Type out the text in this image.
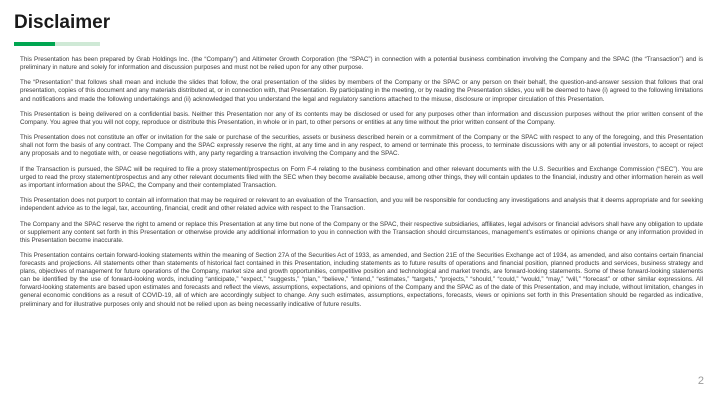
Disclaimer

This Presentation has been prepared by Grab Holdings Inc. (the “Company”) and Altimeter Growth Corporation (the “SPAC”) in connection with a potential business combination involving the Company and the SPAC (the “Transaction”) and is preliminary in nature and solely for information and discussion purposes and must not be relied upon for any other purpose.

The “Presentation” that follows shall mean and include the slides that follow, the oral presentation of the slides by members of the Company or the SPAC or any person on their behalf, the question-and-answer session that follows that oral presentation, copies of this document and any materials distributed at, or in connection with, that Presentation. By participating in the meeting, or by reading the Presentation slides, you will be deemed to have (i) agreed to the following limitations and notifications and made the following undertakings and (ii) acknowledged that you understand the legal and regulatory sanctions attached to the misuse, disclosure or improper circulation of this Presentation.

This Presentation is being delivered on a confidential basis. Neither this Presentation nor any of its contents may be disclosed or used for any purposes other than information and discussion purposes without the prior written consent of the Company. You agree that you will not copy, reproduce or distribute this Presentation, in whole or in part, to other persons or entities at any time without the prior written consent of the Company.

This Presentation does not constitute an offer or invitation for the sale or purchase of the securities, assets or business described herein or a commitment of the Company or the SPAC with respect to any of the foregoing, and this Presentation shall not form the basis of any contract. The Company and the SPAC expressly reserve the right, at any time and in any respect, to amend or terminate this process, to terminate discussions with any or all potential investors, to accept or reject any proposals and to negotiate with, or cease negotiations with, any party regarding a transaction involving the Company and the SPAC.

If the Transaction is pursued, the SPAC will be required to file a proxy statement/prospectus on Form F-4 relating to the business combination and other relevant documents with the U.S. Securities and Exchange Commission (“SEC”). You are urged to read the proxy statement/prospectus and any other relevant documents filed with the SEC when they become available because, among other things, they will contain updates to the financial, industry and other information herein as well as important information about the SPAC, the Company and their contemplated Transaction.

This Presentation does not purport to contain all information that may be required or relevant to an evaluation of the Transaction, and you will be responsible for conducting any investigations and analysis that it deems appropriate and for seeking independent advice as to the legal, tax, accounting, financial, credit and other related advice with respect to the Transaction.

The Company and the SPAC reserve the right to amend or replace this Presentation at any time but none of the Company or the SPAC, their respective subsidiaries, affiliates, legal advisors or financial advisors shall have any obligation to update or supplement any content set forth in this Presentation or otherwise provide any additional information to you in connection with the Transaction should circumstances, management’s estimates or opinions change or any information provided in this Presentation become inaccurate.

This Presentation contains certain forward-looking statements within the meaning of Section 27A of the Securities Act of 1933, as amended, and Section 21E of the Securities Exchange act of 1934, as amended, and also contains certain financial forecasts and projections. All statements other than statements of historical fact contained in this Presentation, including statements as to future results of operations and financial position, planned products and services, business strategy and plans, objectives of management for future operations of the Company, market size and growth opportunities, competitive position and technological and market trends, are forward-looking statements. Some of these forward-looking statements can be identified by the use of forward-looking words, including “anticipate,” “expect,” “suggests,” “plan,” “believe,” “intend,” “estimates,” “targets,” “projects,” “should,” “could,” “would,” “may,” “will,” “forecast” or other similar expressions. All forward-looking statements are based upon estimates and forecasts and reflect the views, assumptions, expectations, and opinions of the Company and the SPAC as of the date of this Presentation, and may include, without limitation, changes in general economic conditions as a result of COVID-19, all of which are accordingly subject to change. Any such estimates, assumptions, expectations, forecasts, views or opinions set forth in this Presentation should be regarded as indicative, preliminary and for illustrative purposes only and should not be relied upon as being necessarily indicative of future results.

2
